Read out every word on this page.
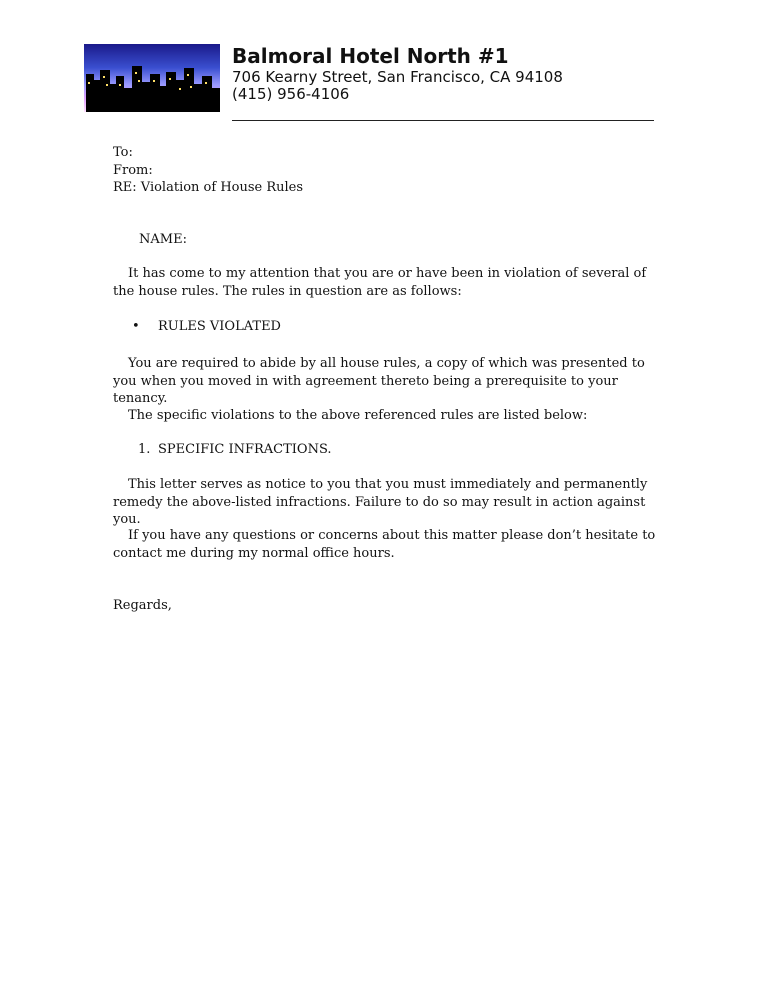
Balmoral Hotel North #1
706 Kearny Street, San Francisco, CA 94108
(415) 956-4106
To:
From:
RE: Violation of House Rules
NAME:
It has come to my attention that you are or have been in violation of several of the house rules. The rules in question are as follows:
• RULES VIOLATED
You are required to abide by all house rules, a copy of which was presented to you when you moved in with agreement thereto being a prerequisite to your tenancy.
The specific violations to the above referenced rules are listed below:
1. SPECIFIC INFRACTIONS.
This letter serves as notice to you that you must immediately and permanently remedy the above-listed infractions. Failure to do so may result in action against you.
If you have any questions or concerns about this matter please don’t hesitate to contact me during my normal office hours.
Regards,
